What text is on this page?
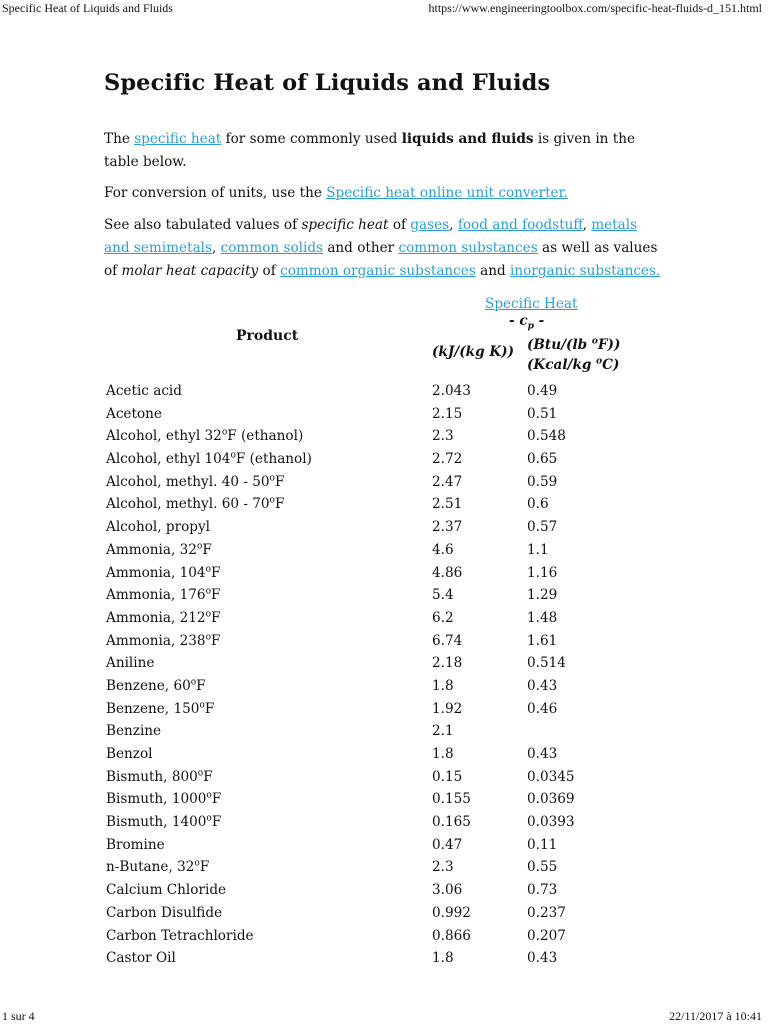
Specific Heat of Liquids and Fluids	https://www.engineeringtoolbox.com/specific-heat-fluids-d_151.html
Specific Heat of Liquids and Fluids

The specific heat for some commonly used liquids and fluids is given in the table below.

For conversion of units, use the Specific heat online unit converter.

See also tabulated values of specific heat of gases, food and foodstuff, metals and semimetals, common solids and other common substances as well as values of molar heat capacity of common organic substances and inorganic substances.

Product
Specific Heat
- $c_p$ -
(kJ/(kg K)) (Btu/(lb $^o$F))
(Kcal/kg $^o$C)
Acetic acid	2.043	0.49
Acetone	2.15	0.51
Alcohol, ethyl 32$^o$F (ethanol)	2.3	0.548
Alcohol, ethyl 104$^o$F (ethanol)	2.72	0.65
Alcohol, methyl. 40 - 50$^o$F	2.47	0.59
Alcohol, methyl. 60 - 70$^o$F	2.51	0.6
Alcohol, propyl	2.37	0.57
Ammonia, 32$^o$F	4.6	1.1
Ammonia, 104$^o$F	4.86	1.16
Ammonia, 176$^o$F	5.4	1.29
Ammonia, 212$^o$F	6.2	1.48
Ammonia, 238$^o$F	6.74	1.61
Aniline	2.18	0.514
Benzene, 60$^o$F	1.8	0.43
Benzene, 150$^o$F	1.92	0.46
Benzine	2.1
Benzol	1.8	0.43
Bismuth, 800$^o$F	0.15	0.0345
Bismuth, 1000$^o$F	0.155	0.0369
Bismuth, 1400$^o$F	0.165	0.0393
Bromine	0.47	0.11
n-Butane, 32$^o$F	2.3	0.55
Calcium Chloride	3.06	0.73
Carbon Disulfide	0.992	0.237
Carbon Tetrachloride	0.866	0.207
Castor Oil	1.8	0.43
1 sur 4	22/11/2017 à 10:41
